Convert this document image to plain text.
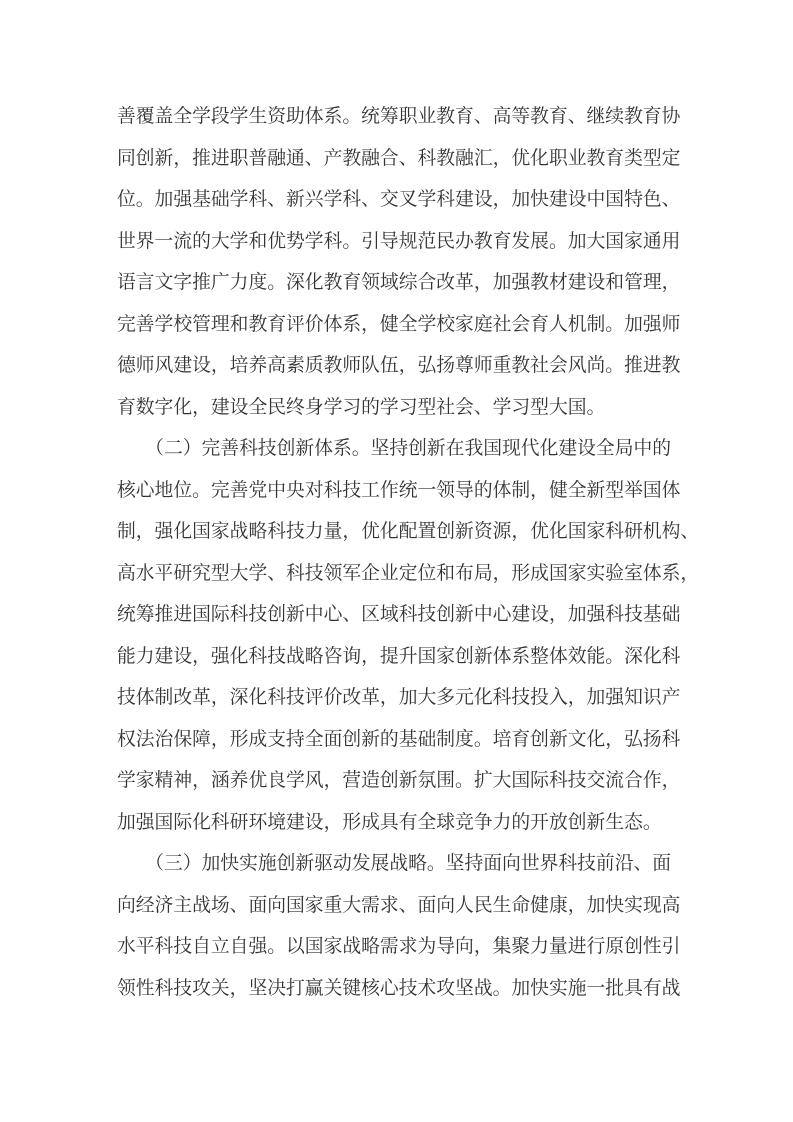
善覆盖全学段学生资助体系。统筹职业教育、高等教育、继续教育协
同创新，推进职普融通、产教融合、科教融汇，优化职业教育类型定
位。加强基础学科、新兴学科、交叉学科建设，加快建设中国特色、
世界一流的大学和优势学科。引导规范民办教育发展。加大国家通用
语言文字推广力度。深化教育领域综合改革，加强教材建设和管理，
完善学校管理和教育评价体系，健全学校家庭社会育人机制。加强师
德师风建设，培养高素质教师队伍，弘扬尊师重教社会风尚。推进教
育数字化，建设全民终身学习的学习型社会、学习型大国。
　　（二）完善科技创新体系。坚持创新在我国现代化建设全局中的
核心地位。完善党中央对科技工作统一领导的体制，健全新型举国体
制，强化国家战略科技力量，优化配置创新资源，优化国家科研机构、
高水平研究型大学、科技领军企业定位和布局，形成国家实验室体系，
统筹推进国际科技创新中心、区域科技创新中心建设，加强科技基础
能力建设，强化科技战略咨询，提升国家创新体系整体效能。深化科
技体制改革，深化科技评价改革，加大多元化科技投入，加强知识产
权法治保障，形成支持全面创新的基础制度。培育创新文化，弘扬科
学家精神，涵养优良学风，营造创新氛围。扩大国际科技交流合作，
加强国际化科研环境建设，形成具有全球竞争力的开放创新生态。
　　（三）加快实施创新驱动发展战略。坚持面向世界科技前沿、面
向经济主战场、面向国家重大需求、面向人民生命健康，加快实现高
水平科技自立自强。以国家战略需求为导向，集聚力量进行原创性引
领性科技攻关，坚决打赢关键核心技术攻坚战。加快实施一批具有战
